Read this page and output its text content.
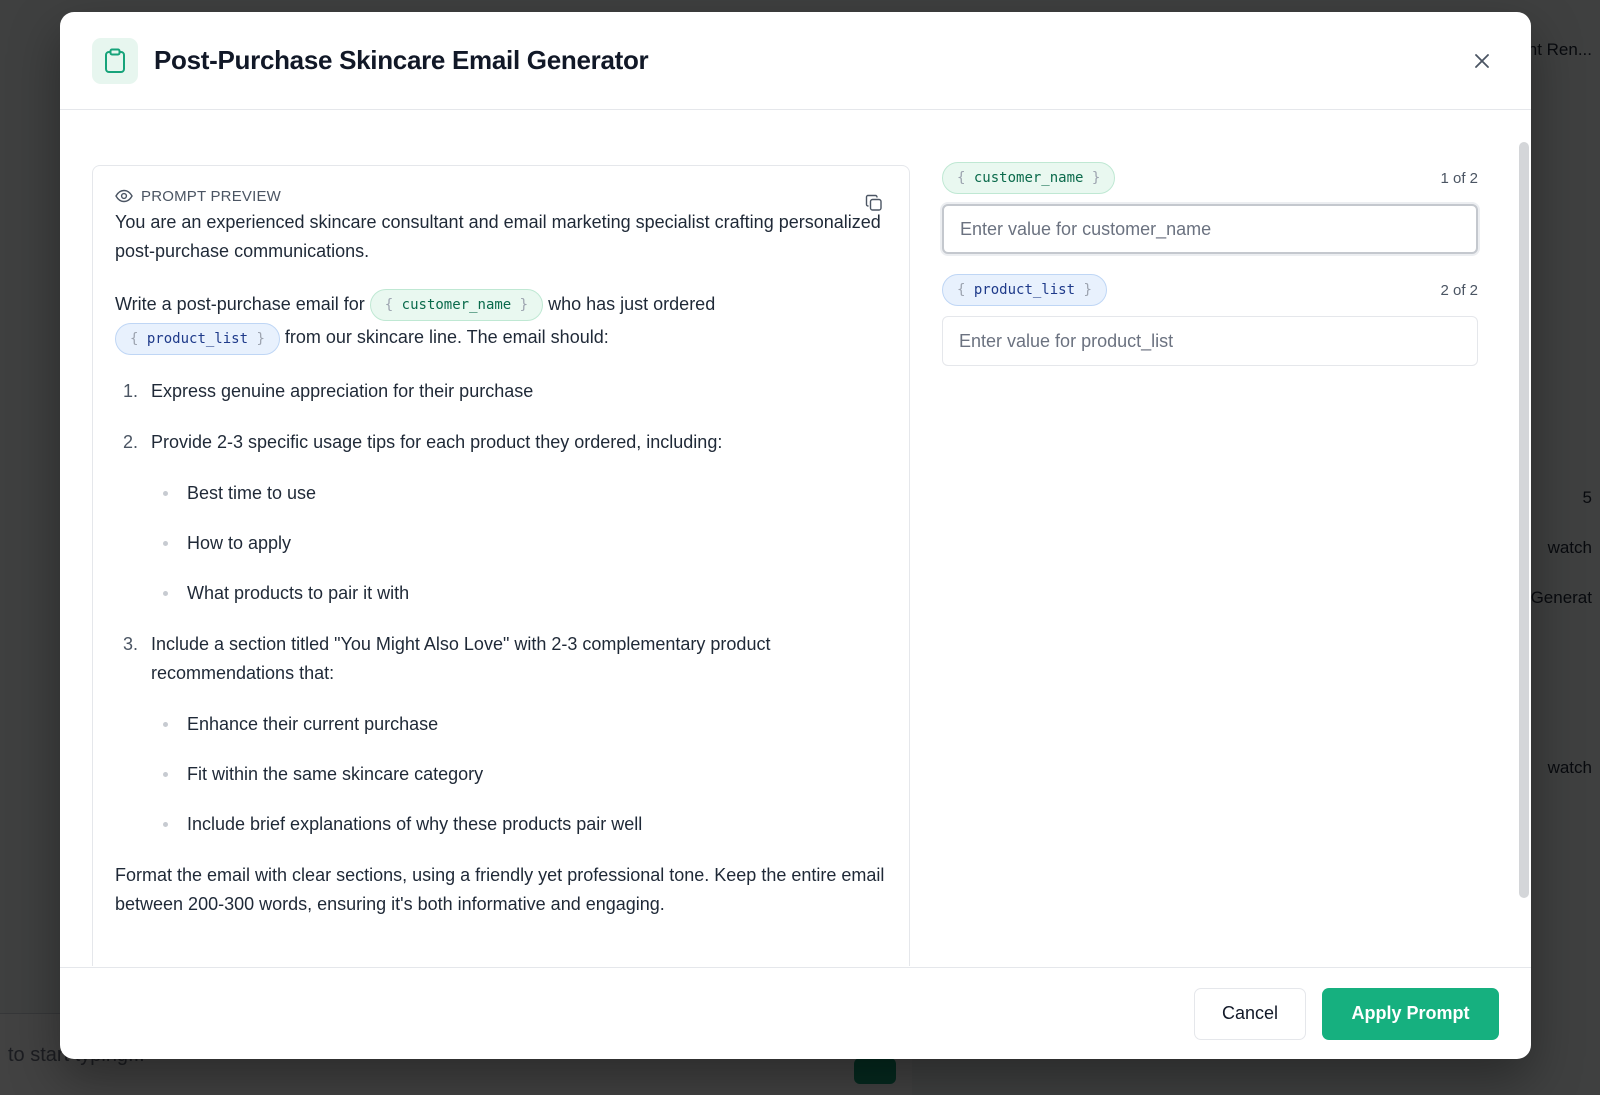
Post-Purchase Skincare Email Generator
PROMPT PREVIEW

You are an experienced skincare consultant and email marketing specialist crafting personalized post-purchase communications.

Write a post-purchase email for { customer_name } who has just ordered
{ product_list } from our skincare line. The email should:

1. Express genuine appreciation for their purchase
2. Provide 2-3 specific usage tips for each product they ordered, including:
Best time to use
How to apply
What products to pair it with
3. Include a section titled "You Might Also Love" with 2-3 complementary product recommendations that:
Enhance their current purchase
Fit within the same skincare category
Include brief explanations of why these products pair well

Format the email with clear sections, using a friendly yet professional tone. Keep the entire email between 200-300 words, ensuring it's both informative and engaging.

{ customer_name }	1 of 2
Enter value for customer_name
{ product_list }	2 of 2
Enter value for product_list
Cancel	Apply Prompt
